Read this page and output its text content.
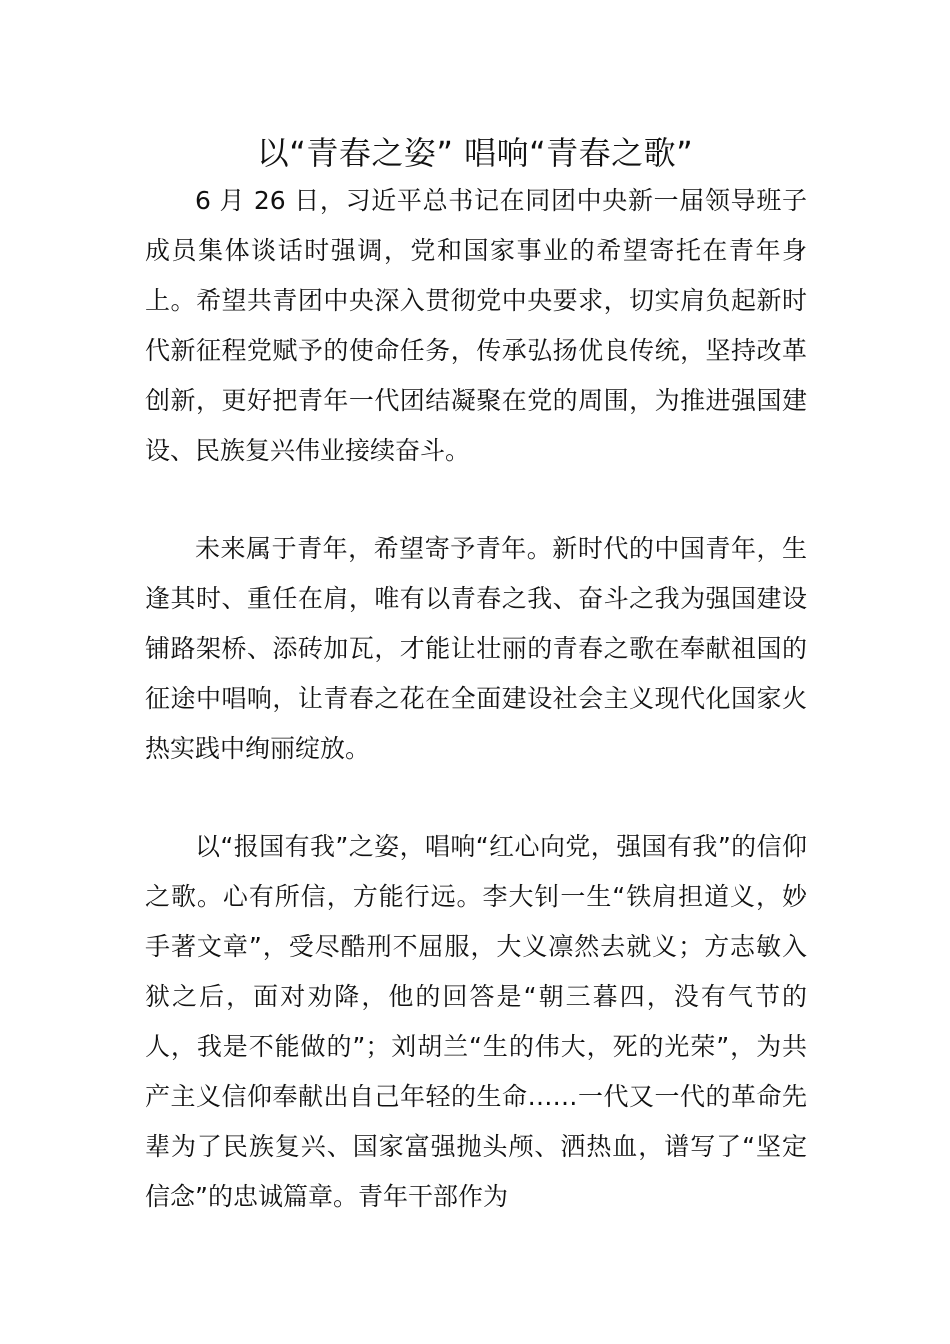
以“青春之姿” 唱响“青春之歌”

6 月 26 日，习近平总书记在同团中央新一届领导班子成员集体谈话时强调，党和国家事业的希望寄托在青年身上。希望共青团中央深入贯彻党中央要求，切实肩负起新时代新征程党赋予的使命任务，传承弘扬优良传统，坚持改革创新，更好把青年一代团结凝聚在党的周围，为推进强国建设、民族复兴伟业接续奋斗。

未来属于青年，希望寄予青年。新时代的中国青年，生逢其时、重任在肩，唯有以青春之我、奋斗之我为强国建设铺路架桥、添砖加瓦，才能让壮丽的青春之歌在奉献祖国的征途中唱响，让青春之花在全面建设社会主义现代化国家火热实践中绚丽绽放。

以“报国有我”之姿，唱响“红心向党，强国有我”的信仰之歌。心有所信，方能行远。李大钊一生“铁肩担道义，妙手著文章”，受尽酷刑不屈服，大义凛然去就义；方志敏入狱之后，面对劝降，他的回答是“朝三暮四，没有气节的人，我是不能做的”；刘胡兰“生的伟大，死的光荣”，为共产主义信仰奉献出自己年轻的生命……一代又一代的革命先辈为了民族复兴、国家富强抛头颅、洒热血，谱写了“坚定信念”的忠诚篇章。青年干部作为
